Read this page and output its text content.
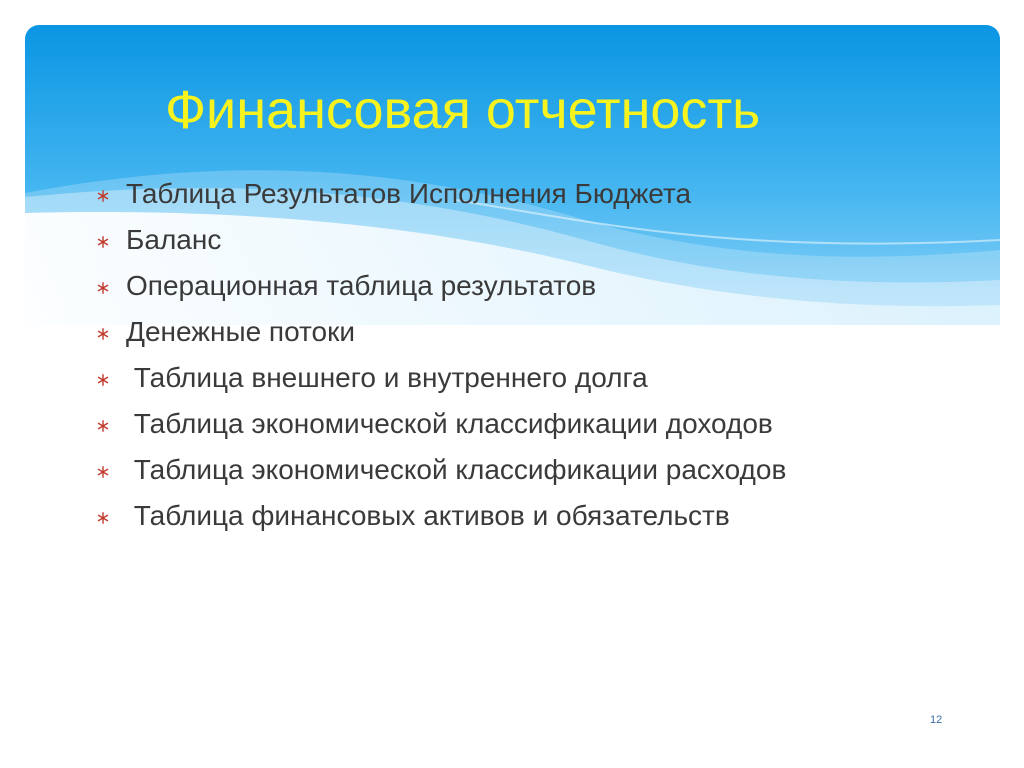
Финансовая отчетность
Таблица Результатов Исполнения Бюджета
Баланс
Операционная таблица результатов
Денежные потоки
Таблица внешнего и внутреннего долга
Таблица экономической классификации доходов
Таблица экономической классификации расходов
Таблица финансовых активов и обязательств
12
